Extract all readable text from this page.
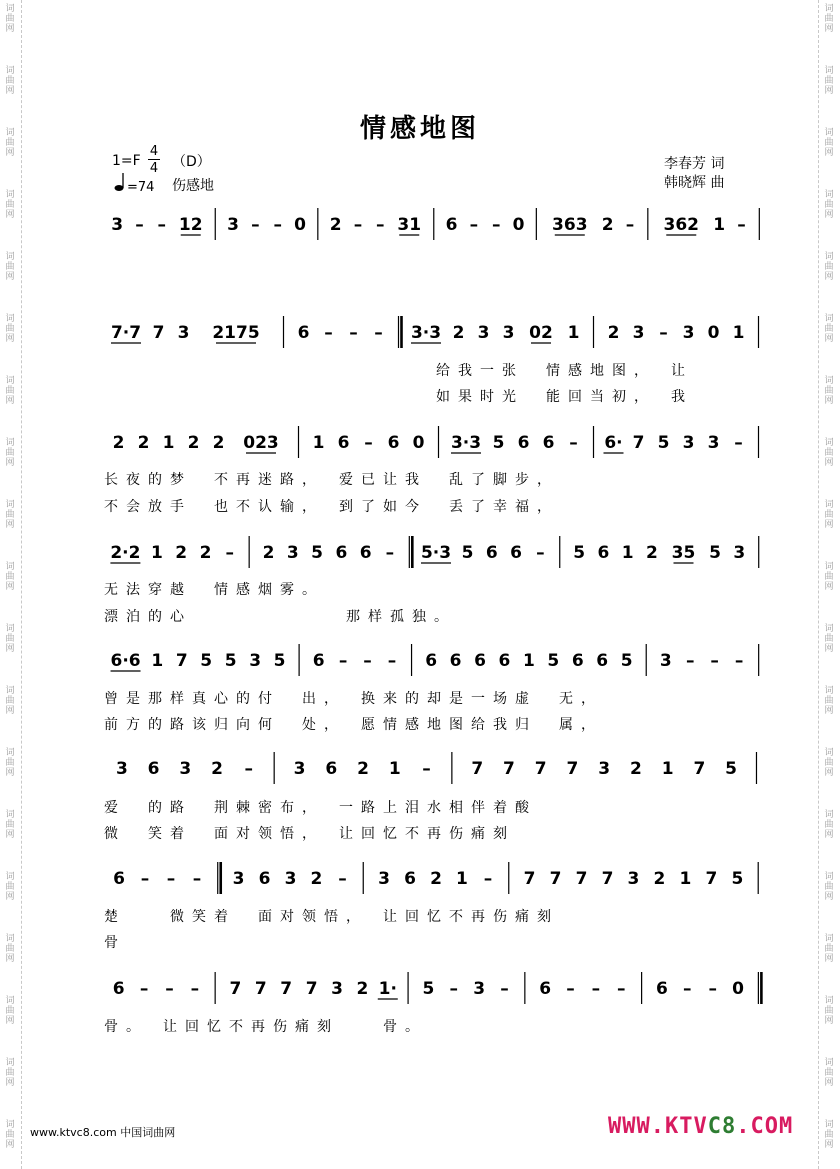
词
曲
网
词
曲
网
词
曲
网
词
曲
网
词
曲
网
词
曲
网
词
曲
网
词
曲
网
词
曲
网
词
曲
网
词
曲
网
词
曲
网
词
曲
网
词
曲
网
词
曲
网
词
曲
网
词
曲
网
词
曲
网
词
曲
网
词
曲
网
词
曲
网
词
曲
网
词
曲
网
词
曲
网
词
曲
网
词
曲
网
词
曲
网
词
曲
网
词
曲
网
词
曲
网
词
曲
网
词
曲
网
词
曲
网
词
曲
网
词
曲
网
词
曲
网
词
曲
网
词
曲
网
情感地图
1=F
4
4 （D）
=74 伤感地
李春芳 词
韩晓辉 曲
3 – – 12 3 – – 0 2 – – 31 6 – – 0 363 2 – 362 1 –
7·7 7 3 2175 6 – – – 3·3 2 3 3 02 1 2 3 – 3 0 1
给我一张　情感地图，　让
如果时光　能回当初，　我
2 2 1 2 2 023 1 6 – 6 0 3·3 5 6 6 – 6· 7 5 3 3 –
长夜的梦　不再迷路，　爱已让我　乱了脚步，
不会放手　也不认输，　到了如今　丢了幸福，
2·2 1 2 2 – 2 3 5 6 6 – 5·3 5 6 6 – 5 6 1 2 35 5 3
无法穿越　情感烟雾。
漂泊的心　　　　　　　那样孤独。
6·6 1 7 5 5 3 5 6 – – – 6 6 6 6 1 5 6 6 5 3 – – –
曾是那样真心的付　出，　换来的却是一场虚　无，
前方的路该归向何　处，　愿情感地图给我归　属，
3 6 3 2 – 3 6 2 1 – 7 7 7 7 3 2 1 7 5
爱　的路　荆棘密布，　一路上泪水相伴着酸
微　笑着　面对领悟，　让回忆不再伤痛刻
6 – – – 3 6 3 2 – 3 6 2 1 – 7 7 7 7 3 2 1 7 5
楚　　微笑着　面对领悟，　让回忆不再伤痛刻
骨
6 – – – 7 7 7 7 3 2 1· 5 – 3 – 6 – – – 6 – – 0
骨。　让回忆不再伤痛刻　　骨。
www.ktvc8.com 中国词曲网	WWW.KTVC8.COM
